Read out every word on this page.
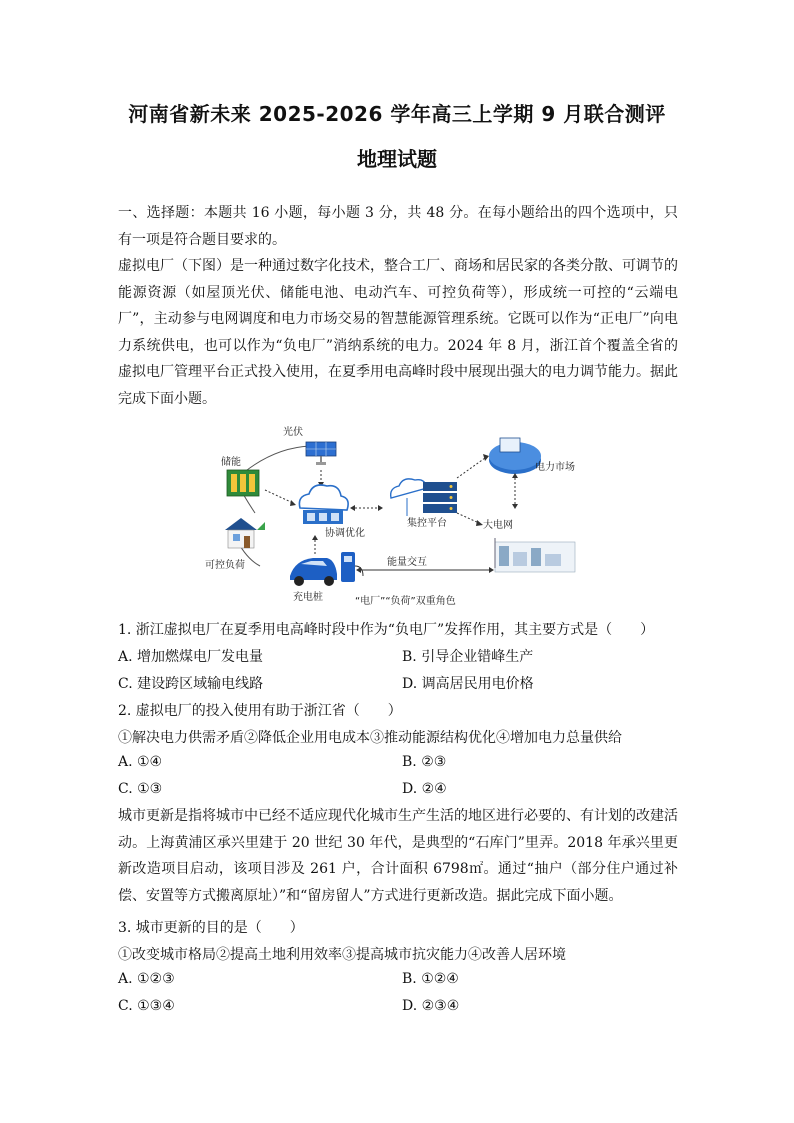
河南省新未来 2025-2026 学年高三上学期 9 月联合测评
地理试题
一、选择题：本题共 16 小题，每小题 3 分，共 48 分。在每小题给出的四个选项中，只有一项是符合题目要求的。
虚拟电厂（下图）是一种通过数字化技术，整合工厂、商场和居民家的各类分散、可调节的能源资源（如屋顶光伏、储能电池、电动汽车、可控负荷等），形成统一可控的“云端电厂”，主动参与电网调度和电力市场交易的智慧能源管理系统。它既可以作为“正电厂”向电力系统供电，也可以作为“负电厂”消纳系统的电力。2024 年 8 月，浙江首个覆盖全省的虚拟电厂管理平台正式投入使用，在夏季用电高峰时段中展现出强大的电力调节能力。据此完成下面小题。
光伏
储能
协调优化
集控平台
电力市场
大电网
可控负荷
充电桩
能量交互
“电厂”“负荷”双重角色
1. 浙江虚拟电厂在夏季用电高峰时段中作为“负电厂”发挥作用，其主要方式是（　　）
A. 增加燃煤电厂发电量	B. 引导企业错峰生产
C. 建设跨区域输电线路	D. 调高居民用电价格
2. 虚拟电厂的投入使用有助于浙江省（　　）
①解决电力供需矛盾②降低企业用电成本③推动能源结构优化④增加电力总量供给
A. ①④	B. ②③
C. ①③	D. ②④
城市更新是指将城市中已经不适应现代化城市生产生活的地区进行必要的、有计划的改建活动。上海黄浦区承兴里建于 20 世纪 30 年代，是典型的“石库门”里弄。2018 年承兴里更新改造项目启动，该项目涉及 261 户，合计面积 6798㎡。通过“抽户（部分住户通过补偿、安置等方式搬离原址）”和“留房留人”方式进行更新改造。据此完成下面小题。
3. 城市更新的目的是（　　）
①改变城市格局②提高土地利用效率③提高城市抗灾能力④改善人居环境
A. ①②③	B. ①②④
C. ①③④	D. ②③④
